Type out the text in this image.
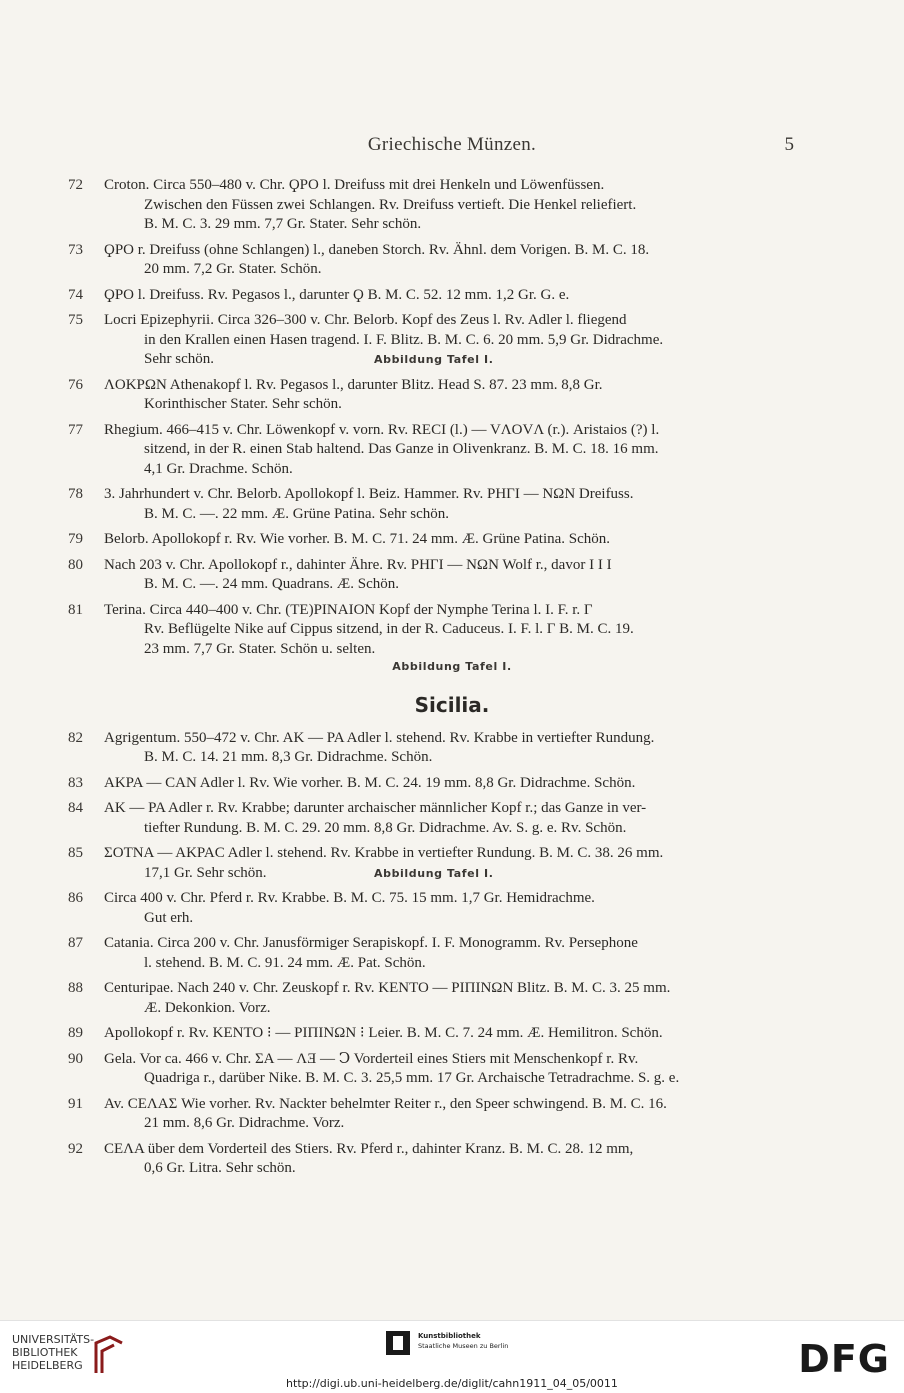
Griechische Münzen.	5
72	Croton. Circa 550–480 v. Chr. ϘPO l. Dreifuss mit drei Henkeln und Löwenfüssen.
Zwischen den Füssen zwei Schlangen. Rv. Dreifuss vertieft. Die Henkel reliefiert.
B. M. C. 3. 29 mm. 7,7 Gr. Stater. Sehr schön.
73	ϘPO r. Dreifuss (ohne Schlangen) l., daneben Storch. Rv. Ähnl. dem Vorigen. B. M. C. 18.
20 mm. 7,2 Gr. Stater. Schön.
74	ϘPO l. Dreifuss. Rv. Pegasos l., darunter Ϙ B. M. C. 52. 12 mm. 1,2 Gr. G. e.
75	Locri Epizephyrii. Circa 326–300 v. Chr. Belorb. Kopf des Zeus l. Rv. Adler l. fliegend
in den Krallen einen Hasen tragend. I. F. Blitz. B. M. C. 6. 20 mm. 5,9 Gr. Didrachme.
Sehr schön.	Abbildung Tafel I.
76	ΛOKPΩN Athenakopf l. Rv. Pegasos l., darunter Blitz. Head S. 87. 23 mm. 8,8 Gr.
Korinthischer Stater. Sehr schön.
77	Rhegium. 466–415 v. Chr. Löwenkopf v. vorn. Rv. RECI (l.) — VΛOVΛ (r.). Aristaios (?) l.
sitzend, in der R. einen Stab haltend. Das Ganze in Olivenkranz. B. M. C. 18. 16 mm.
4,1 Gr. Drachme. Schön.
78	3. Jahrhundert v. Chr. Belorb. Apollokopf l. Beiz. Hammer. Rv. PHΓI — NΩN Dreifuss.
B. M. C. —. 22 mm. Æ. Grüne Patina. Sehr schön.
79	Belorb. Apollokopf r. Rv. Wie vorher. B. M. C. 71. 24 mm. Æ. Grüne Patina. Schön.
80	Nach 203 v. Chr. Apollokopf r., dahinter Ähre. Rv. PHΓI — NΩN Wolf r., davor I I I
B. M. C. —. 24 mm. Quadrans. Æ. Schön.
81	Terina. Circa 440–400 v. Chr. (TE)PINAION Kopf der Nymphe Terina l. I. F. r. Γ
Rv. Beflügelte Nike auf Cippus sitzend, in der R. Caduceus. I. F. l. Γ B. M. C. 19.
23 mm. 7,7 Gr. Stater. Schön u. selten.
Abbildung Tafel I.
Sicilia.
82	Agrigentum. 550–472 v. Chr. AK — PA Adler l. stehend. Rv. Krabbe in vertiefter Rundung.
B. M. C. 14. 21 mm. 8,3 Gr. Didrachme. Schön.
83	AKPA — CAN Adler l. Rv. Wie vorher. B. M. C. 24. 19 mm. 8,8 Gr. Didrachme. Schön.
84	AK — PA Adler r. Rv. Krabbe; darunter archaischer männlicher Kopf r.; das Ganze in ver-
tiefter Rundung. B. M. C. 29. 20 mm. 8,8 Gr. Didrachme. Av. S. g. e. Rv. Schön.
85	ƩOTNA — AKPAC Adler l. stehend. Rv. Krabbe in vertiefter Rundung. B. M. C. 38. 26 mm.
17,1 Gr. Sehr schön.	Abbildung Tafel I.
86	Circa 400 v. Chr. Pferd r. Rv. Krabbe. B. M. C. 75. 15 mm. 1,7 Gr. Hemidrachme.
Gut erh.
87	Catania. Circa 200 v. Chr. Janusförmiger Serapiskopf. I. F. Monogramm. Rv. Persephone
l. stehend. B. M. C. 91. 24 mm. Æ. Pat. Schön.
88	Centuripae. Nach 240 v. Chr. Zeuskopf r. Rv. KENTO — PIΠINΩN Blitz. B. M. C. 3. 25 mm.
Æ. Dekonkion. Vorz.
89	Apollokopf r. Rv. KENTO ⁝ — PIΠINΩN ⁝ Leier. B. M. C. 7. 24 mm. Æ. Hemilitron. Schön.
90	Gela. Vor ca. 466 v. Chr. ƩA — ΛƎ — Ↄ Vorderteil eines Stiers mit Menschenkopf r. Rv.
Quadriga r., darüber Nike. B. M. C. 3. 25,5 mm. 17 Gr. Archaische Tetradrachme. S. g. e.
91	Av. CEΛAΣ Wie vorher. Rv. Nackter behelmter Reiter r., den Speer schwingend. B. M. C. 16.
21 mm. 8,6 Gr. Didrachme. Vorz.
92	CEΛA über dem Vorderteil des Stiers. Rv. Pferd r., dahinter Kranz. B. M. C. 28. 12 mm,
0,6 Gr. Litra. Sehr schön.
UNIVERSITÄTS-
BIBLIOTHEK
HEIDELBERG
Kunstbibliothek
Staatliche Museen zu Berlin	DFG
http://digi.ub.uni-heidelberg.de/diglit/cahn1911_04_05/0011
